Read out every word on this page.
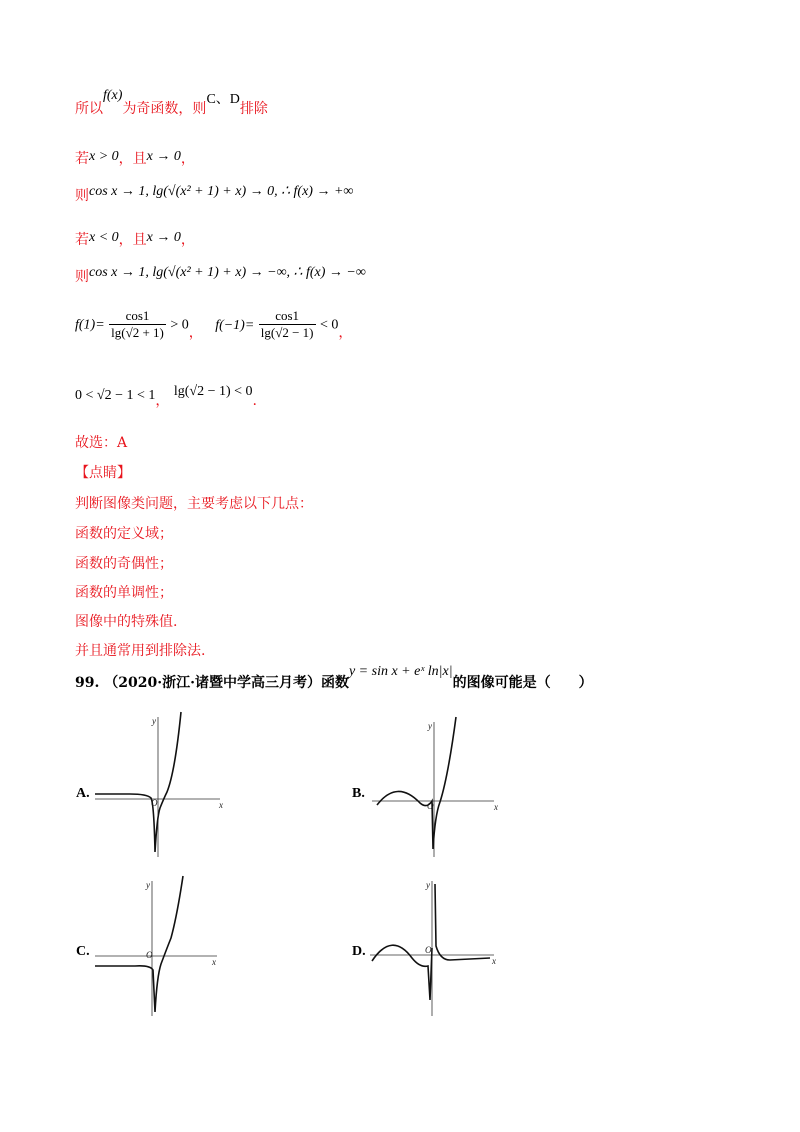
所以f(x)为奇函数，则C、D排除
若x > 0，且x → 0，
则cos x → 1, lg(√(x² + 1) + x) → 0, ∴ f(x) → +∞
若x < 0，且x → 0，
则cos x → 1, lg(√(x² + 1) + x) → −∞, ∴ f(x) → −∞
$f(1)= \frac{\cos 1}{\lg(√2 + 1)} > 0$， $f(-1)= \frac{\cos 1}{\lg(√2 - 1)} < 0$，
0 < √2 − 1 < 1， lg(√2 − 1) < 0.
故选：A
【点睛】
判断图像类问题，主要考虑以下几点：
函数的定义域；
函数的奇偶性；
函数的单调性；
图像中的特殊值.
并且通常用到排除法.
99. （2020·浙江·诸暨中学高三月考）函数y = sin x + eˣ ln|x|的图像可能是（　　）
A.
x
y
O
B.
x
y
O
C.
x
y
O	D.
x
y
O
